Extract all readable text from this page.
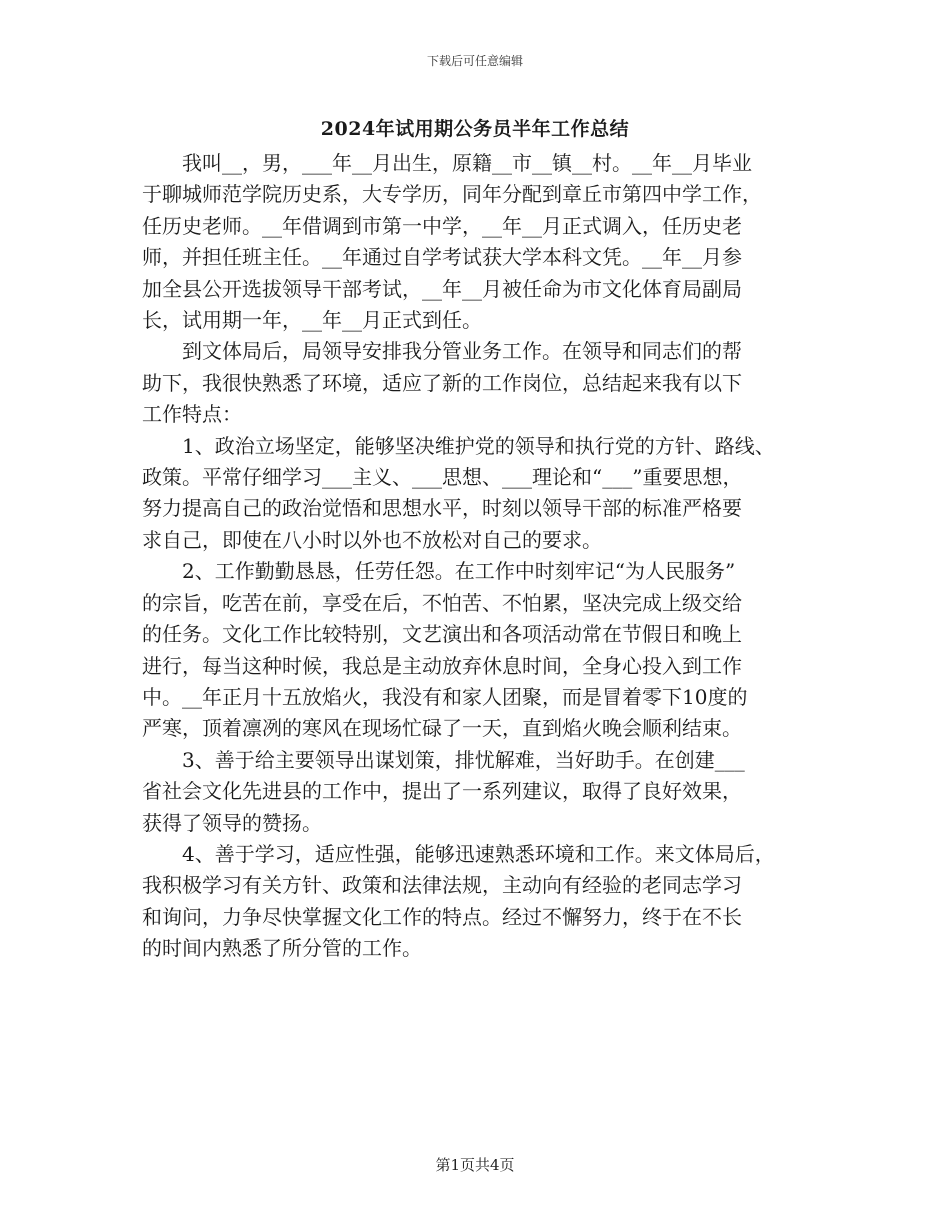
下载后可任意编辑
2024年试用期公务员半年工作总结

我叫__，男，___年__月出生，原籍__市__镇__村。__年__月毕业
于聊城师范学院历史系，大专学历，同年分配到章丘市第四中学工作，
任历史老师。__年借调到市第一中学，__年__月正式调入，任历史老
师，并担任班主任。__年通过自学考试获大学本科文凭。__年__月参
加全县公开选拔领导干部考试，__年__月被任命为市文化体育局副局
长，试用期一年，__年__月正式到任。

到文体局后，局领导安排我分管业务工作。在领导和同志们的帮
助下，我很快熟悉了环境，适应了新的工作岗位，总结起来我有以下
工作特点：

1、政治立场坚定，能够坚决维护党的领导和执行党的方针、路线、
政策。平常仔细学习___主义、___思想、___理论和“___”重要思想，
努力提高自己的政治觉悟和思想水平，时刻以领导干部的标准严格要
求自己，即使在八小时以外也不放松对自己的要求。

2、工作勤勤恳恳，任劳任怨。在工作中时刻牢记“为人民服务”
的宗旨，吃苦在前，享受在后，不怕苦、不怕累，坚决完成上级交给
的任务。文化工作比较特别，文艺演出和各项活动常在节假日和晚上
进行，每当这种时候，我总是主动放弃休息时间，全身心投入到工作
中。__年正月十五放焰火，我没有和家人团聚，而是冒着零下10度的
严寒，顶着凛冽的寒风在现场忙碌了一天，直到焰火晚会顺利结束。

3、善于给主要领导出谋划策，排忧解难，当好助手。在创建___
省社会文化先进县的工作中，提出了一系列建议，取得了良好效果，
获得了领导的赞扬。

4、善于学习，适应性强，能够迅速熟悉环境和工作。来文体局后，
我积极学习有关方针、政策和法律法规，主动向有经验的老同志学习
和询问，力争尽快掌握文化工作的特点。经过不懈努力，终于在不长
的时间内熟悉了所分管的工作。

第1页共4页
